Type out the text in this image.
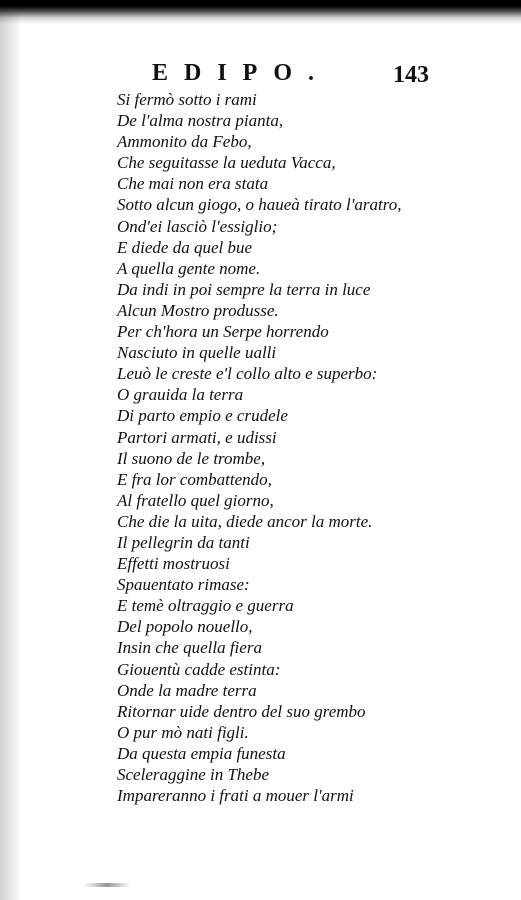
EDIPO.	143
Si fermò sotto i rami
De l'alma nostra pianta,
Ammonito da Febo,
Che seguitasse la ueduta Vacca,
Che mai non era stata
Sotto alcun giogo, o haueà tirato l'aratro,
Ond'ei lasciò l'essiglio;
E diede da quel bue
A quella gente nome.
Da indi in poi sempre la terra in luce
Alcun Mostro produsse.
Per ch'hora un Serpe horrendo
Nasciuto in quelle ualli
Leuò le creste e'l collo alto e superbo:
O grauida la terra
Di parto empio e crudele
Partori armati, e udissi
Il suono de le trombe,
E fra lor combattendo,
Al fratello quel giorno,
Che die la uita, diede ancor la morte.
Il pellegrin da tanti
Effetti mostruosi
Spauentato rimase:
E temè oltraggio e guerra
Del popolo nouello,
Insin che quella fiera
Giouentù cadde estinta:
Onde la madre terra
Ritornar uide dentro del suo grembo
O pur mò nati figli.
Da questa empia funesta
Sceleraggine in Thebe
Impareranno i frati a mouer l'armi
